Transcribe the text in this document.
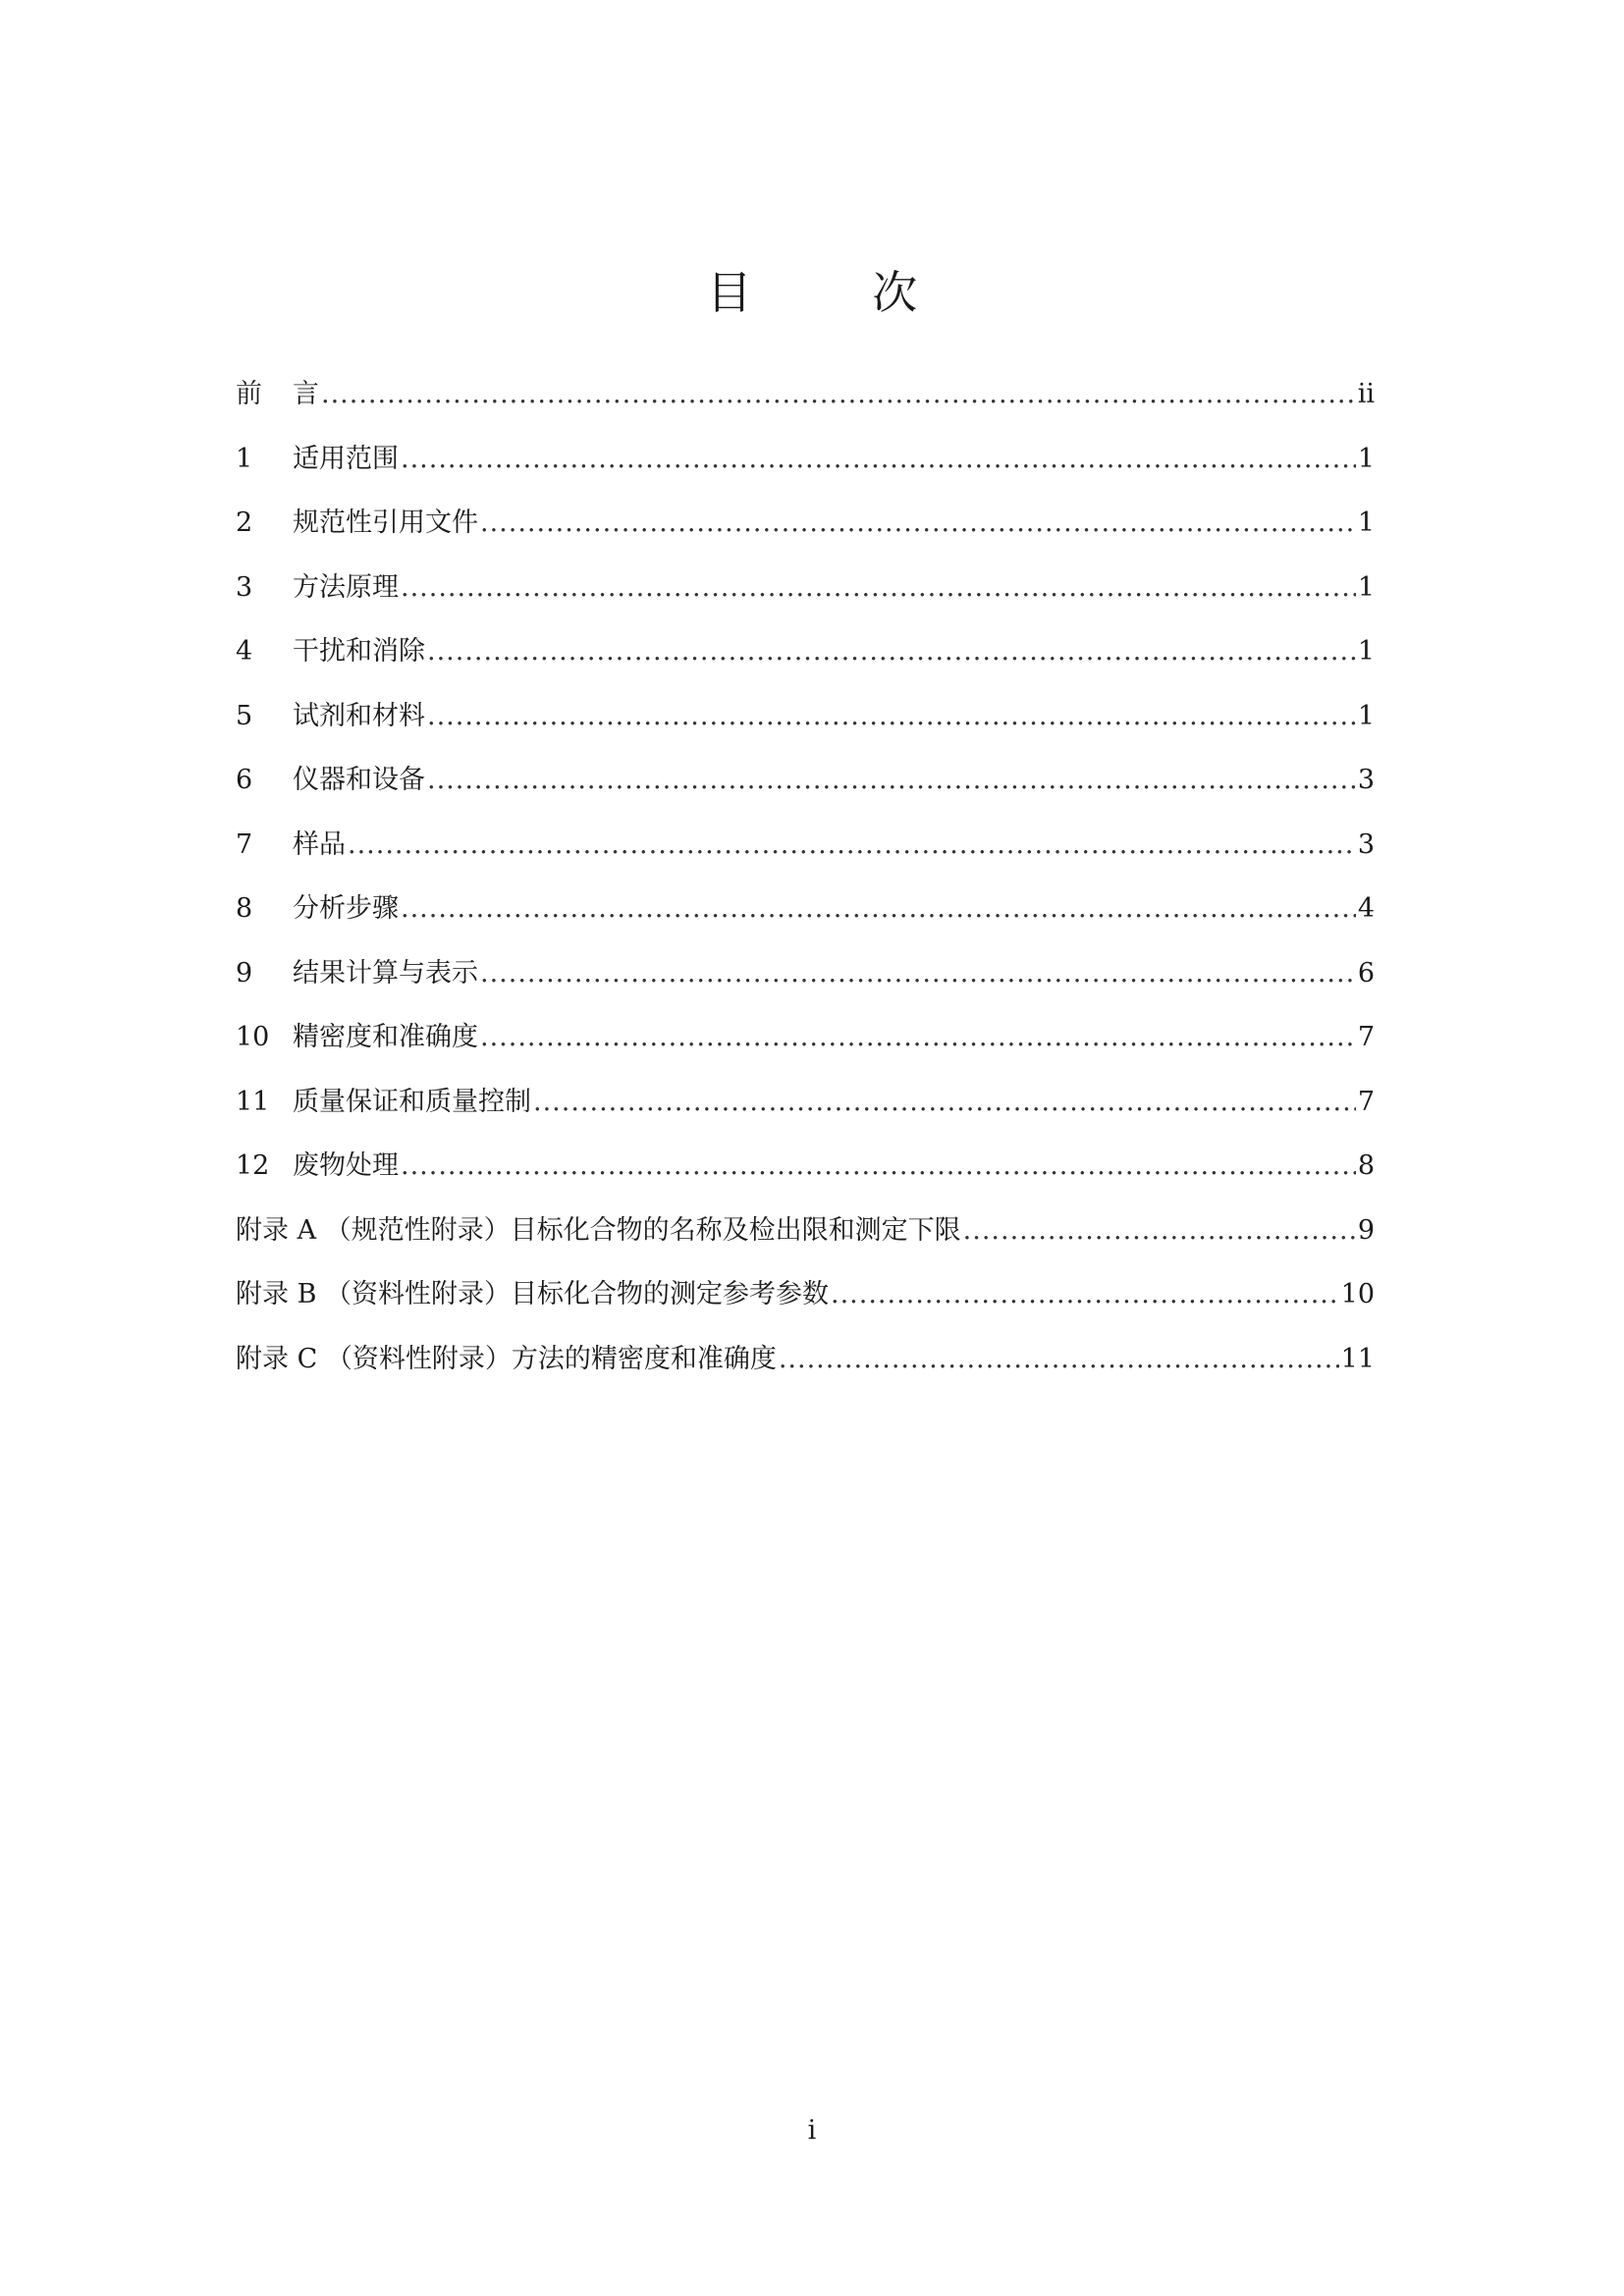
目 次
前	言 .....	ii
1	适用范围 .....	1
2	规范性引用文件 .....	1
3	方法原理 .....	1
4	干扰和消除 .....	1
5	试剂和材料 .....	1
6	仪器和设备 .....	3
7	样品 .....	3
8	分析步骤 .....	4
9	结果计算与表示 .....	6
10 精密度和准确度 .....	7
11 质量保证和质量控制 .....	7
12 废物处理 .....	8
附录 A （规范性附录）目标化合物的名称及检出限和测定下限 .....	9
附录 B （资料性附录）目标化合物的测定参考参数 .....	10
附录 C （资料性附录）方法的精密度和准确度 .....	11
i
